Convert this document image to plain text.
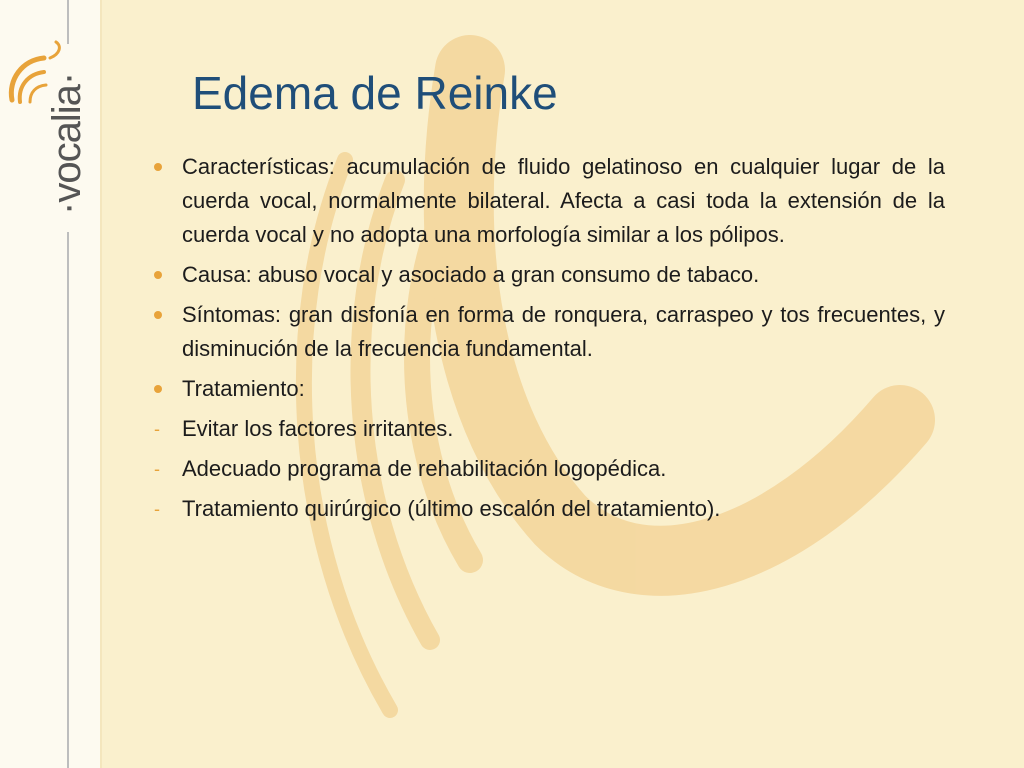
·vocalia· Edema de Reinke
Características: acumulación de fluido gelatinoso en cualquier lugar de la cuerda vocal, normalmente bilateral. Afecta a casi toda la extensión de la cuerda vocal y no adopta una morfología similar a los pólipos.
Causa: abuso vocal y asociado a gran consumo de tabaco.
Síntomas: gran disfonía en forma de ronquera, carraspeo y tos frecuentes, y disminución de la frecuencia fundamental.
Tratamiento:
- Evitar los factores irritantes.
- Adecuado programa de rehabilitación logopédica.
- Tratamiento quirúrgico (último escalón del tratamiento).
